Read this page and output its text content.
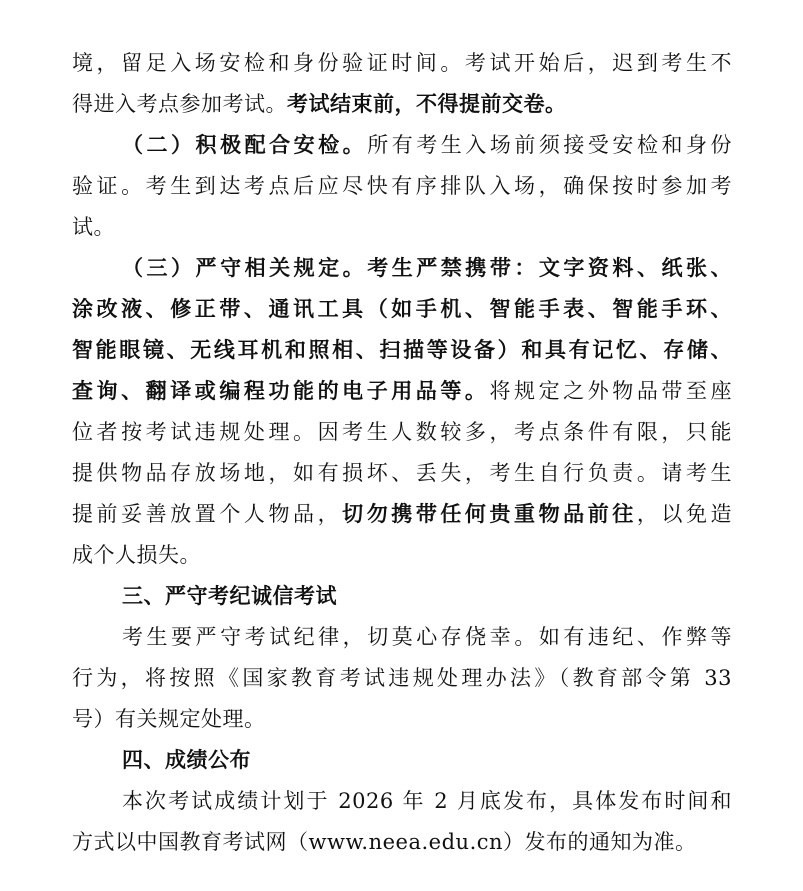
境，留足入场安检和身份验证时间。考试开始后，迟到考生不
得进入考点参加考试。考试结束前，不得提前交卷。
（二）积极配合安检。所有考生入场前须接受安检和身份
验证。考生到达考点后应尽快有序排队入场，确保按时参加考
试。
（三）严守相关规定。考生严禁携带：文字资料、纸张、
涂改液、修正带、通讯工具（如手机、智能手表、智能手环、
智能眼镜、无线耳机和照相、扫描等设备）和具有记忆、存储、
查询、翻译或编程功能的电子用品等。将规定之外物品带至座
位者按考试违规处理。因考生人数较多，考点条件有限，只能
提供物品存放场地，如有损坏、丢失，考生自行负责。请考生
提前妥善放置个人物品，切勿携带任何贵重物品前往，以免造
成个人损失。
三、严守考纪诚信考试
考生要严守考试纪律，切莫心存侥幸。如有违纪、作弊等
行为，将按照《国家教育考试违规处理办法》（教育部令第 33
号）有关规定处理。
四、成绩公布
本次考试成绩计划于 2026 年 2 月底发布，具体发布时间和
方式以中国教育考试网（www.neea.edu.cn）发布的通知为准。
